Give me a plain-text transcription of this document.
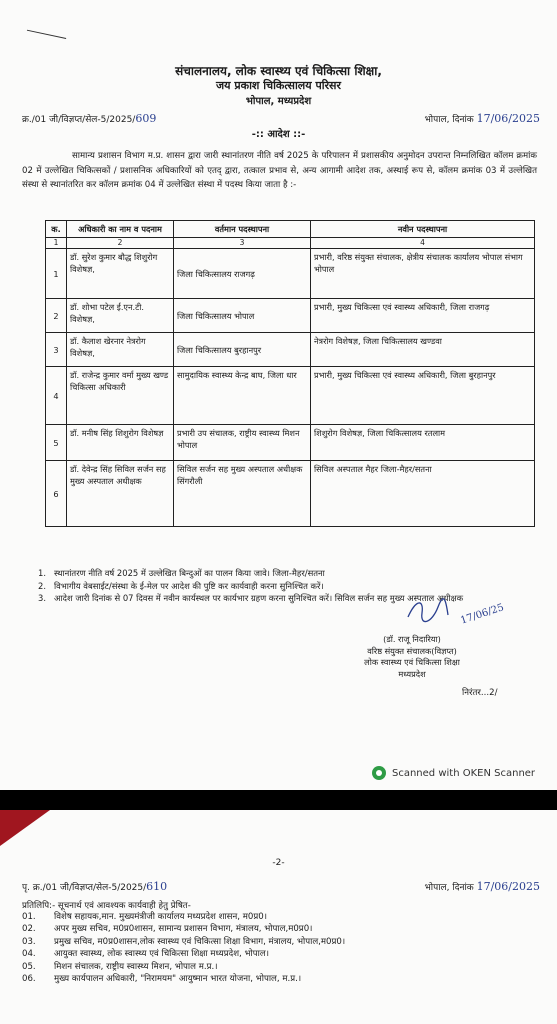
संचालनालय, लोक स्वास्थ्य एवं चिकित्सा शिक्षा,
जय प्रकाश चिकित्सालय परिसर
भोपाल, मध्यप्रदेश
क्र./01 जी/विज्ञप्त/सेल-5/2025/609	भोपाल, दिनांक 17/06/2025
-:: आदेश ::-
सामान्य प्रशासन विभाग म.प्र. शासन द्वारा जारी स्थानांतरण नीति वर्ष 2025 के परिपालन में प्रशासकीय अनुमोदन उपरान्त निम्नलिखित कॉलम क्रमांक 02 में उल्लेखित चिकित्सकों / प्रशासनिक अधिकारियों को एतद् द्वारा, तत्काल प्रभाव से, अन्य आगामी आदेश तक, अस्थाई रूप से, कॉलम क्रमांक 03 में उल्लेखित संस्था से स्थानांतरित कर कॉलम क्रमांक 04 में उल्लेखित संस्था में पदस्थ किया जाता है :-
क.	अधिकारी का नाम व पदनाम	वर्तमान पदस्थापना	नवीन पदस्थापना
1	2	3	4
1	डॉ. सुरेश कुमार बौद्ध शिशुरोग विशेषज्ञ,	जिला चिकित्सालय राजगढ़	प्रभारी, वरिष्ठ संयुक्त संचालक, क्षेत्रीय संचालक कार्यालय भोपाल संभाग भोपाल
2	डॉ. शोभा पटेल ई.एन.टी. विशेषज्ञ,	जिला चिकित्सालय भोपाल	प्रभारी, मुख्य चिकित्सा एवं स्वास्थ्य अधिकारी, जिला राजगढ़
3	डॉ. कैलाश खेरनार नेत्ररोग विशेषज्ञ,	जिला चिकित्सालय बुरहानपुर	नेत्ररोग विशेषज्ञ, जिला चिकित्सालय खण्डवा
4	डॉ. राजेन्द्र कुमार वर्मा मुख्य खण्ड चिकित्सा अधिकारी	सामुदायिक स्वास्थ्य केन्द्र बाघ, जिला धार	प्रभारी, मुख्य चिकित्सा एवं स्वास्थ्य अधिकारी, जिला बुरहानपुर
5	डॉ. मनीष सिंह शिशुरोग विशेषज्ञ	प्रभारी उप संचालक, राष्ट्रीय स्वास्थ्य मिशन भोपाल	शिशुरोग विशेषज्ञ, जिला चिकित्सालय रतलाम
6	डॉ. देवेन्द्र सिंह सिविल सर्जन सह मुख्य अस्पताल अधीक्षक	सिविल सर्जन सह मुख्य अस्पताल अधीक्षक सिंगरौली	सिविल अस्पताल मैहर जिला-मैहर/सतना
1. स्थानांतरण नीति वर्ष 2025 में उल्लेखित बिन्दुओं का पालन किया जावे। जिला-मैहर/सतना
2. विभागीय वेबसाईट/संस्था के ई-मेल पर आदेश की पुष्टि कर कार्यवाही करना सुनिश्चित करें।
3. आदेश जारी दिनांक से 07 दिवस में नवीन कार्यस्थल पर कार्यभार ग्रहण करना सुनिश्चित करें। सिविल सर्जन सह मुख्य अस्पताल अधीक्षक
17/06/25
(डॉ. राजू निदारिया)
वरिष्ठ संयुक्त संचालक(विज्ञप्त)
लोक स्वास्थ्य एवं चिकित्सा शिक्षा
मध्यप्रदेश
निरंतर...2/
Scanned with OKEN Scanner
-2-
पृ. क्र./01 जी/विज्ञप्त/सेल-5/2025/610	भोपाल, दिनांक 17/06/2025
प्रतिलिपि:- सूचनार्थ एवं आवश्यक कार्यवाही हेतु प्रेषित-
01.	विशेष सहायक,मान. मुख्यमंत्रीजी कार्यालय मध्यप्रदेश शासन, म0प्र0।
02.	अपर मुख्य सचिव, म0प्र0शासन, सामान्य प्रशासन विभाग, मंत्रालय, भोपाल,म0प्र0।
03.	प्रमुख सचिव, म0प्र0शासन,लोक स्वास्थ्य एवं चिकित्सा शिक्षा विभाग, मंत्रालय, भोपाल,म0प्र0।
04.	आयुक्त स्वास्थ्य, लोक स्वास्थ्य एवं चिकित्सा शिक्षा मध्यप्रदेश, भोपाल।
05.	मिशन संचालक, राष्ट्रीय स्वास्थ्य मिशन, भोपाल म.प्र.।
06.	मुख्य कार्यपालन अधिकारी, "निरामयम" आयुष्मान भारत योजना, भोपाल, म.प्र.।
